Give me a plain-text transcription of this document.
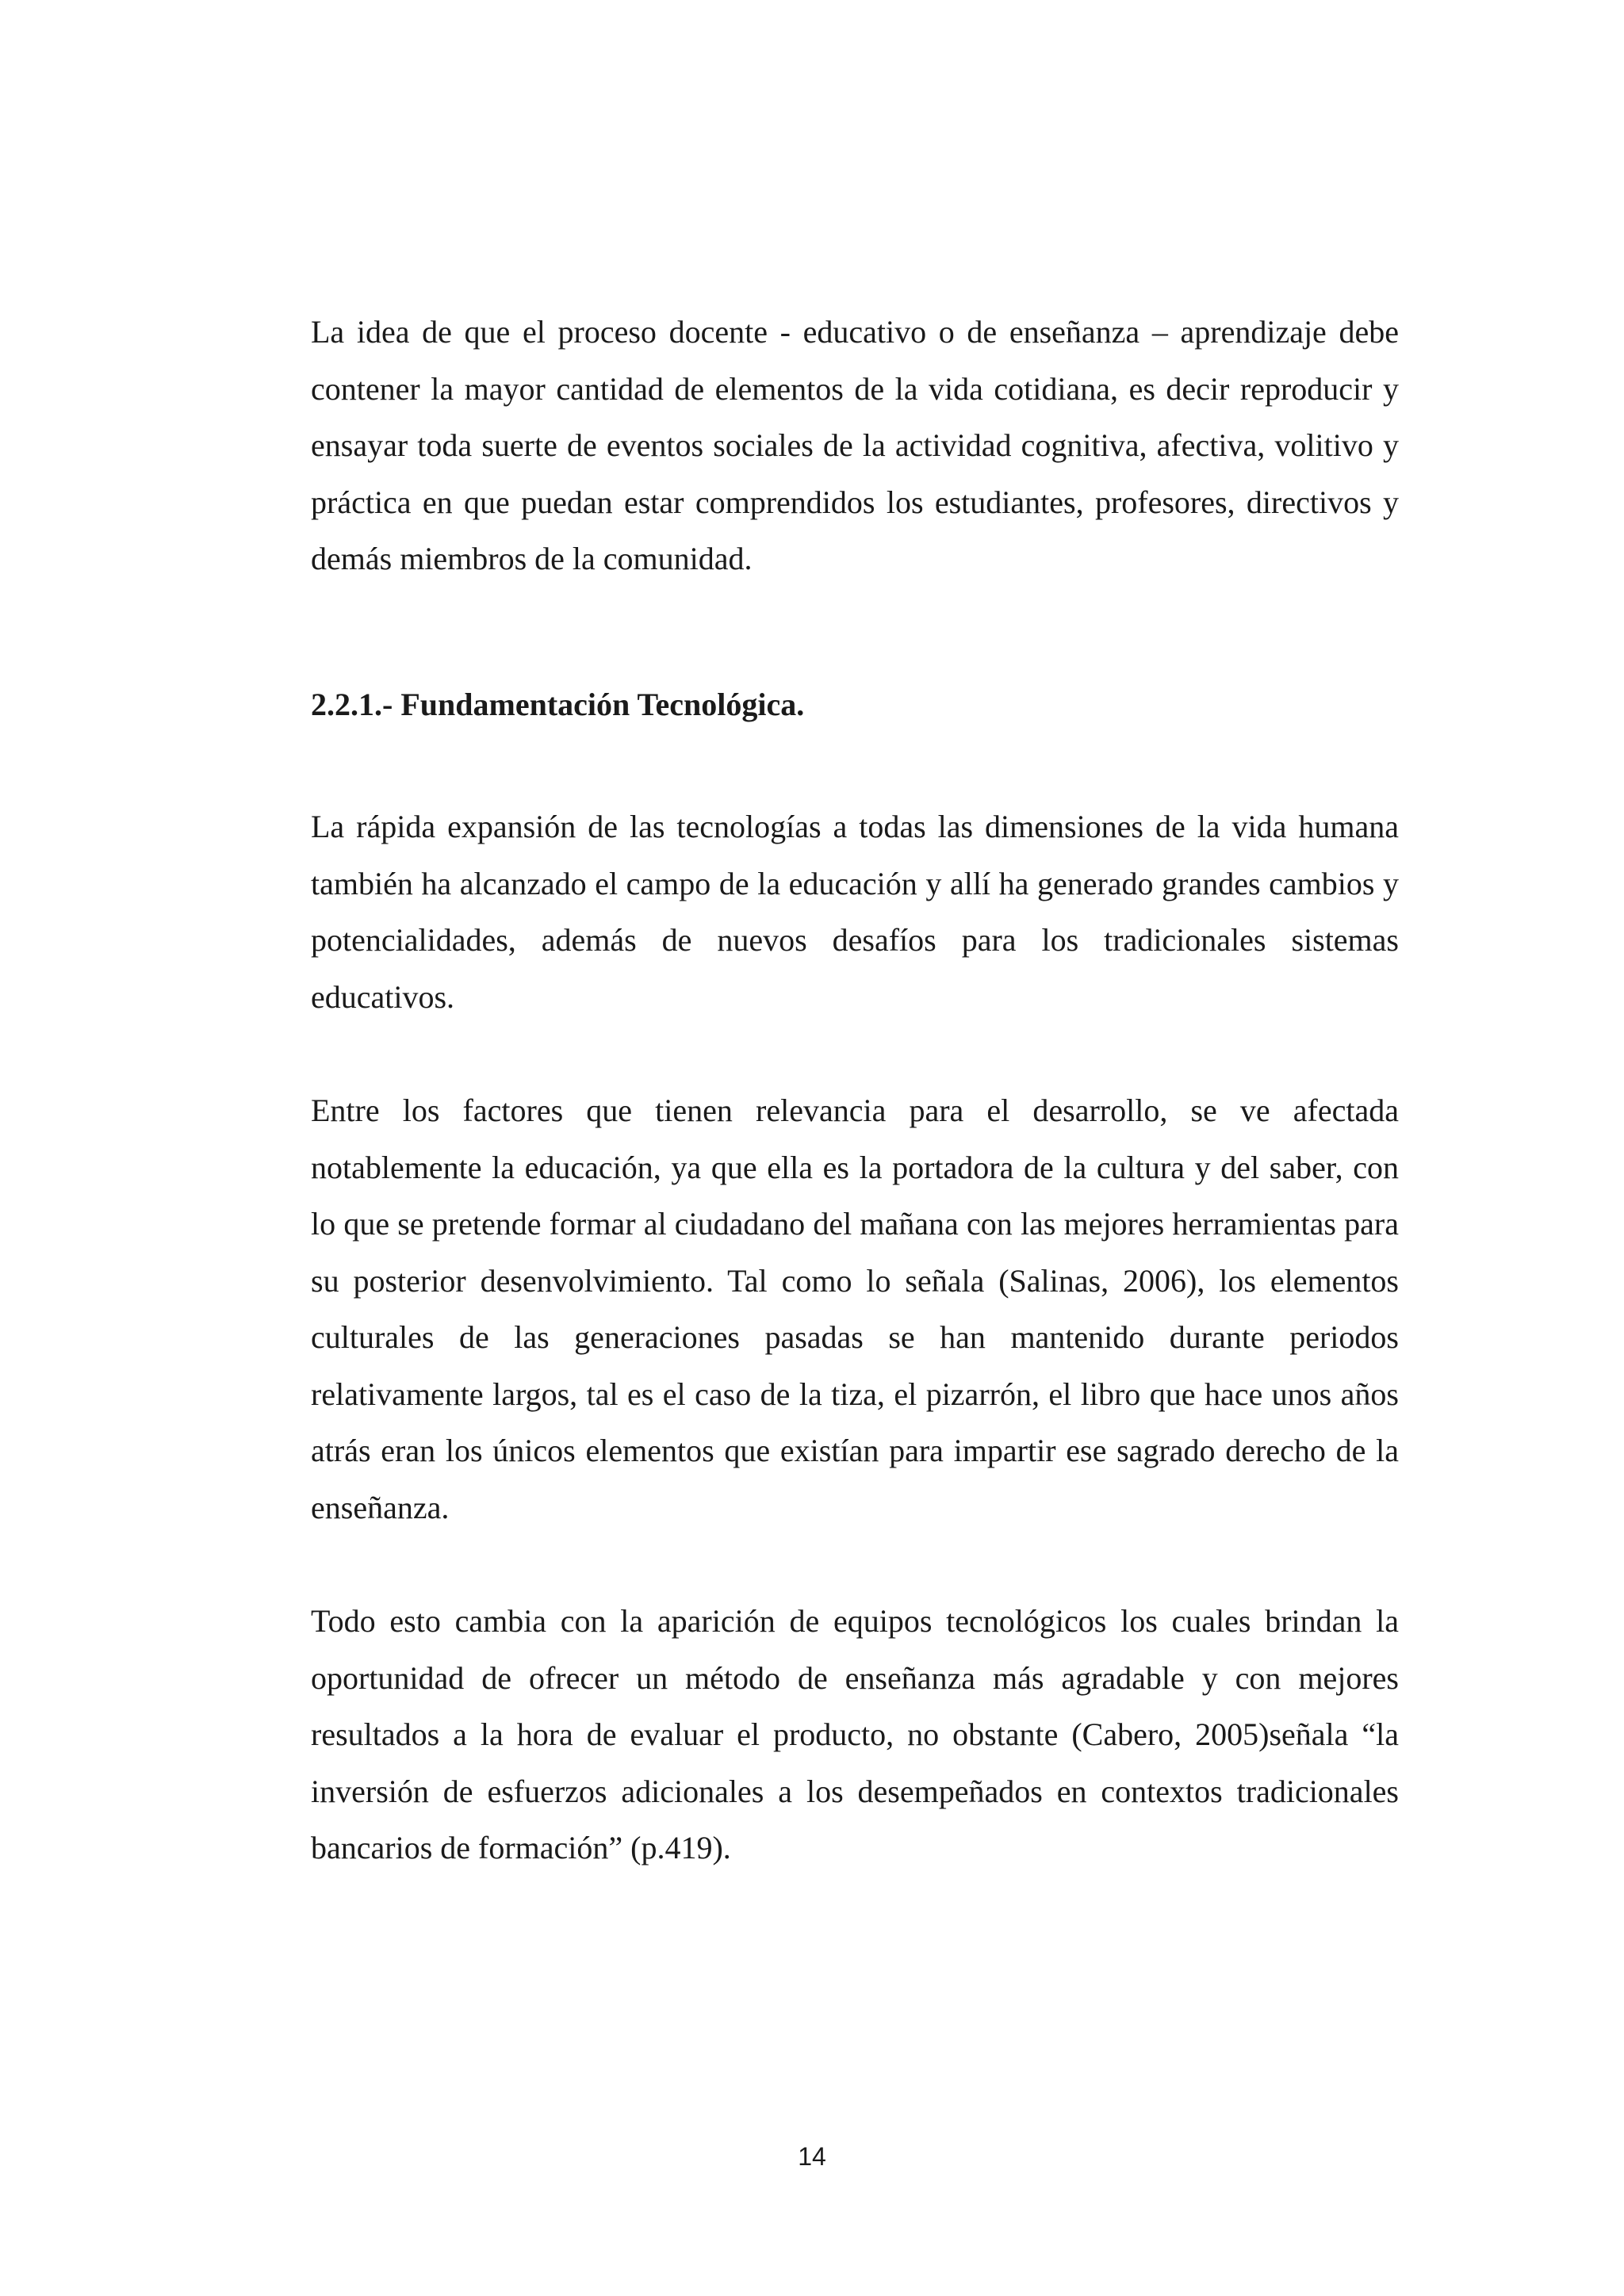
La idea de que el proceso docente - educativo o de enseñanza – aprendizaje debe contener la mayor cantidad de elementos de la vida cotidiana, es decir reproducir y ensayar toda suerte de eventos sociales de la actividad cognitiva, afectiva, volitivo y práctica en que puedan estar comprendidos los estudiantes, profesores, directivos y demás miembros de la comunidad.

2.2.1.- Fundamentación Tecnológica.

La rápida expansión de las tecnologías a todas las dimensiones de la vida humana también ha alcanzado el campo de la educación y allí ha generado grandes cambios y potencialidades, además de nuevos desafíos para los tradicionales sistemas educativos.

Entre los factores que tienen relevancia para el desarrollo, se ve afectada notablemente la educación, ya que ella es la portadora de la cultura y del saber, con lo que se pretende formar al ciudadano del mañana con las mejores herramientas para su posterior desenvolvimiento. Tal como lo señala (Salinas, 2006), los elementos culturales de las generaciones pasadas se han mantenido durante periodos relativamente largos, tal es el caso de la tiza, el pizarrón, el libro que hace unos años atrás eran los únicos elementos que existían para impartir ese sagrado derecho de la enseñanza.

Todo esto cambia con la aparición de equipos tecnológicos los cuales brindan la oportunidad de ofrecer un método de enseñanza más agradable y con mejores resultados a la hora de evaluar el producto, no obstante (Cabero, 2005)señala “la inversión de esfuerzos adicionales a los desempeñados en contextos tradicionales bancarios de formación” (p.419).

14
